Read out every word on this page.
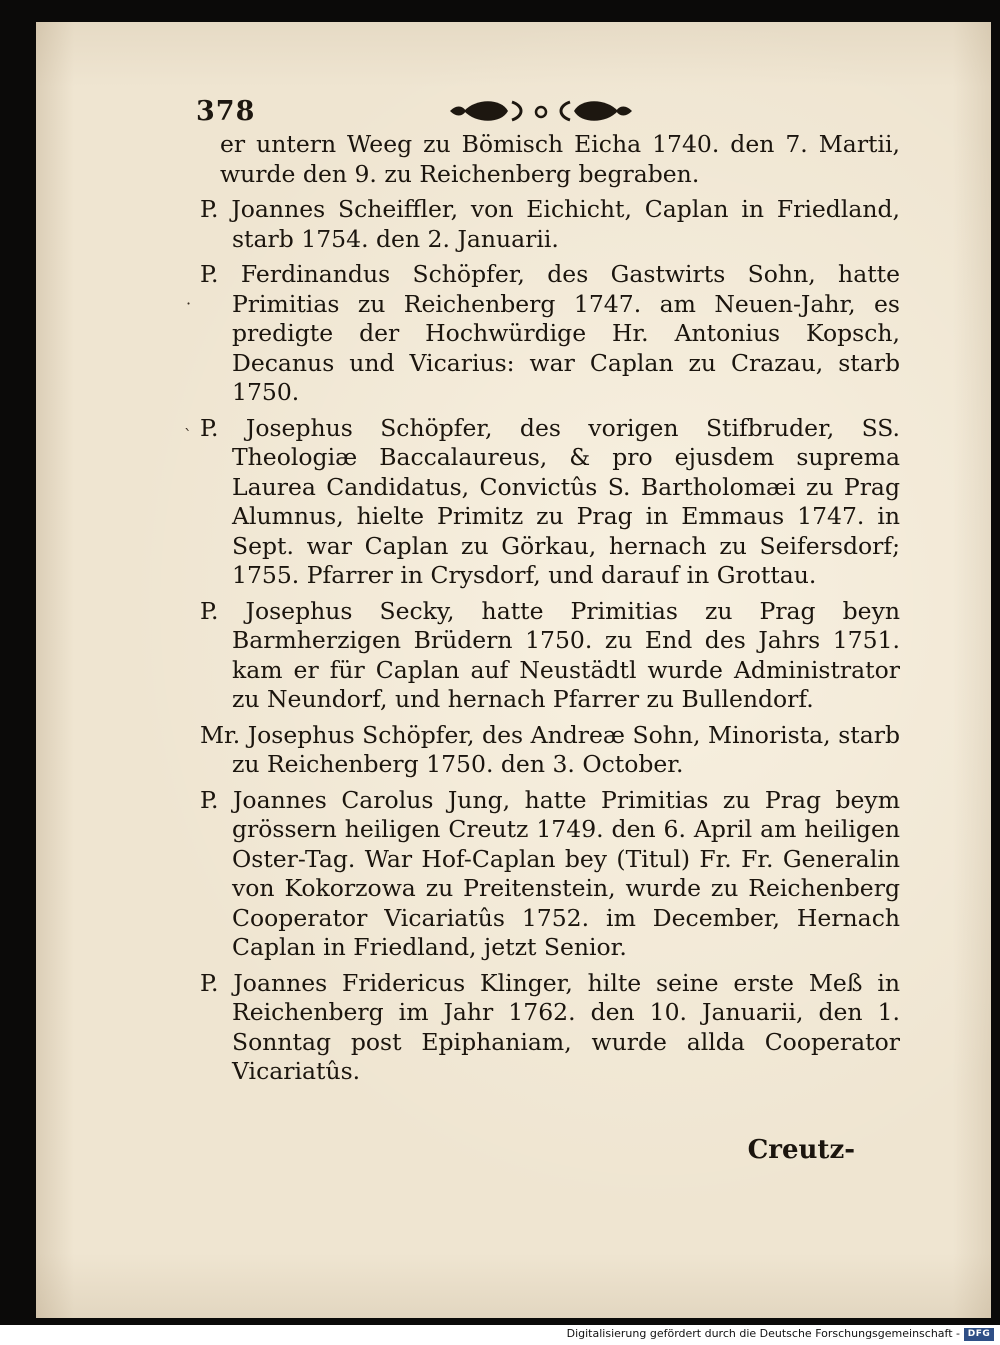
·
ˋ
378

er untern Weeg zu Bömisch Eicha 1740. den 7. Martii, wurde den 9. zu Reichenberg begraben.

P. Joannes Scheiffler, von Eichicht, Caplan in Friedland, starb 1754. den 2. Januarii.

P. Ferdinandus Schöpfer, des Gastwirts Sohn, hatte Primitias zu Reichenberg 1747. am Neuen-Jahr, es predigte der Hochwürdige Hr. Antonius Kopsch, Decanus und Vicarius: war Caplan zu Crazau, starb 1750.

P. Josephus Schöpfer, des vorigen Stifbruder, SS. Theologiæ Baccalaureus, & pro ejusdem suprema Laurea Candidatus, Convictûs S. Bartholomæi zu Prag Alumnus, hielte Primitz zu Prag in Emmaus 1747. in Sept. war Caplan zu Görkau, hernach zu Seifersdorf; 1755. Pfarrer in Crysdorf, und darauf in Grottau.

P. Josephus Secky, hatte Primitias zu Prag beyn Barmherzigen Brüdern 1750. zu End des Jahrs 1751. kam er für Caplan auf Neustädtl wurde Administrator zu Neundorf, und hernach Pfarrer zu Bullendorf.

Mr. Josephus Schöpfer, des Andreæ Sohn, Minorista, starb zu Reichenberg 1750. den 3. October.

P. Joannes Carolus Jung, hatte Primitias zu Prag beym grössern heiligen Creutz 1749. den 6. April am heiligen Oster-Tag. War Hof-Caplan bey (Titul) Fr. Fr. Generalin von Kokorzowa zu Preitenstein, wurde zu Reichenberg Cooperator Vicariatûs 1752. im December, Hernach Caplan in Friedland, jetzt Senior.

P. Joannes Fridericus Klinger, hilte seine erste Meß in Reichenberg im Jahr 1762. den 10. Januarii, den 1. Sonntag post Epiphaniam, wurde allda Cooperator Vicariatûs.

Creutz-
Digitalisierung gefördert durch die Deutsche Forschungsgemeinschaft - DFG
